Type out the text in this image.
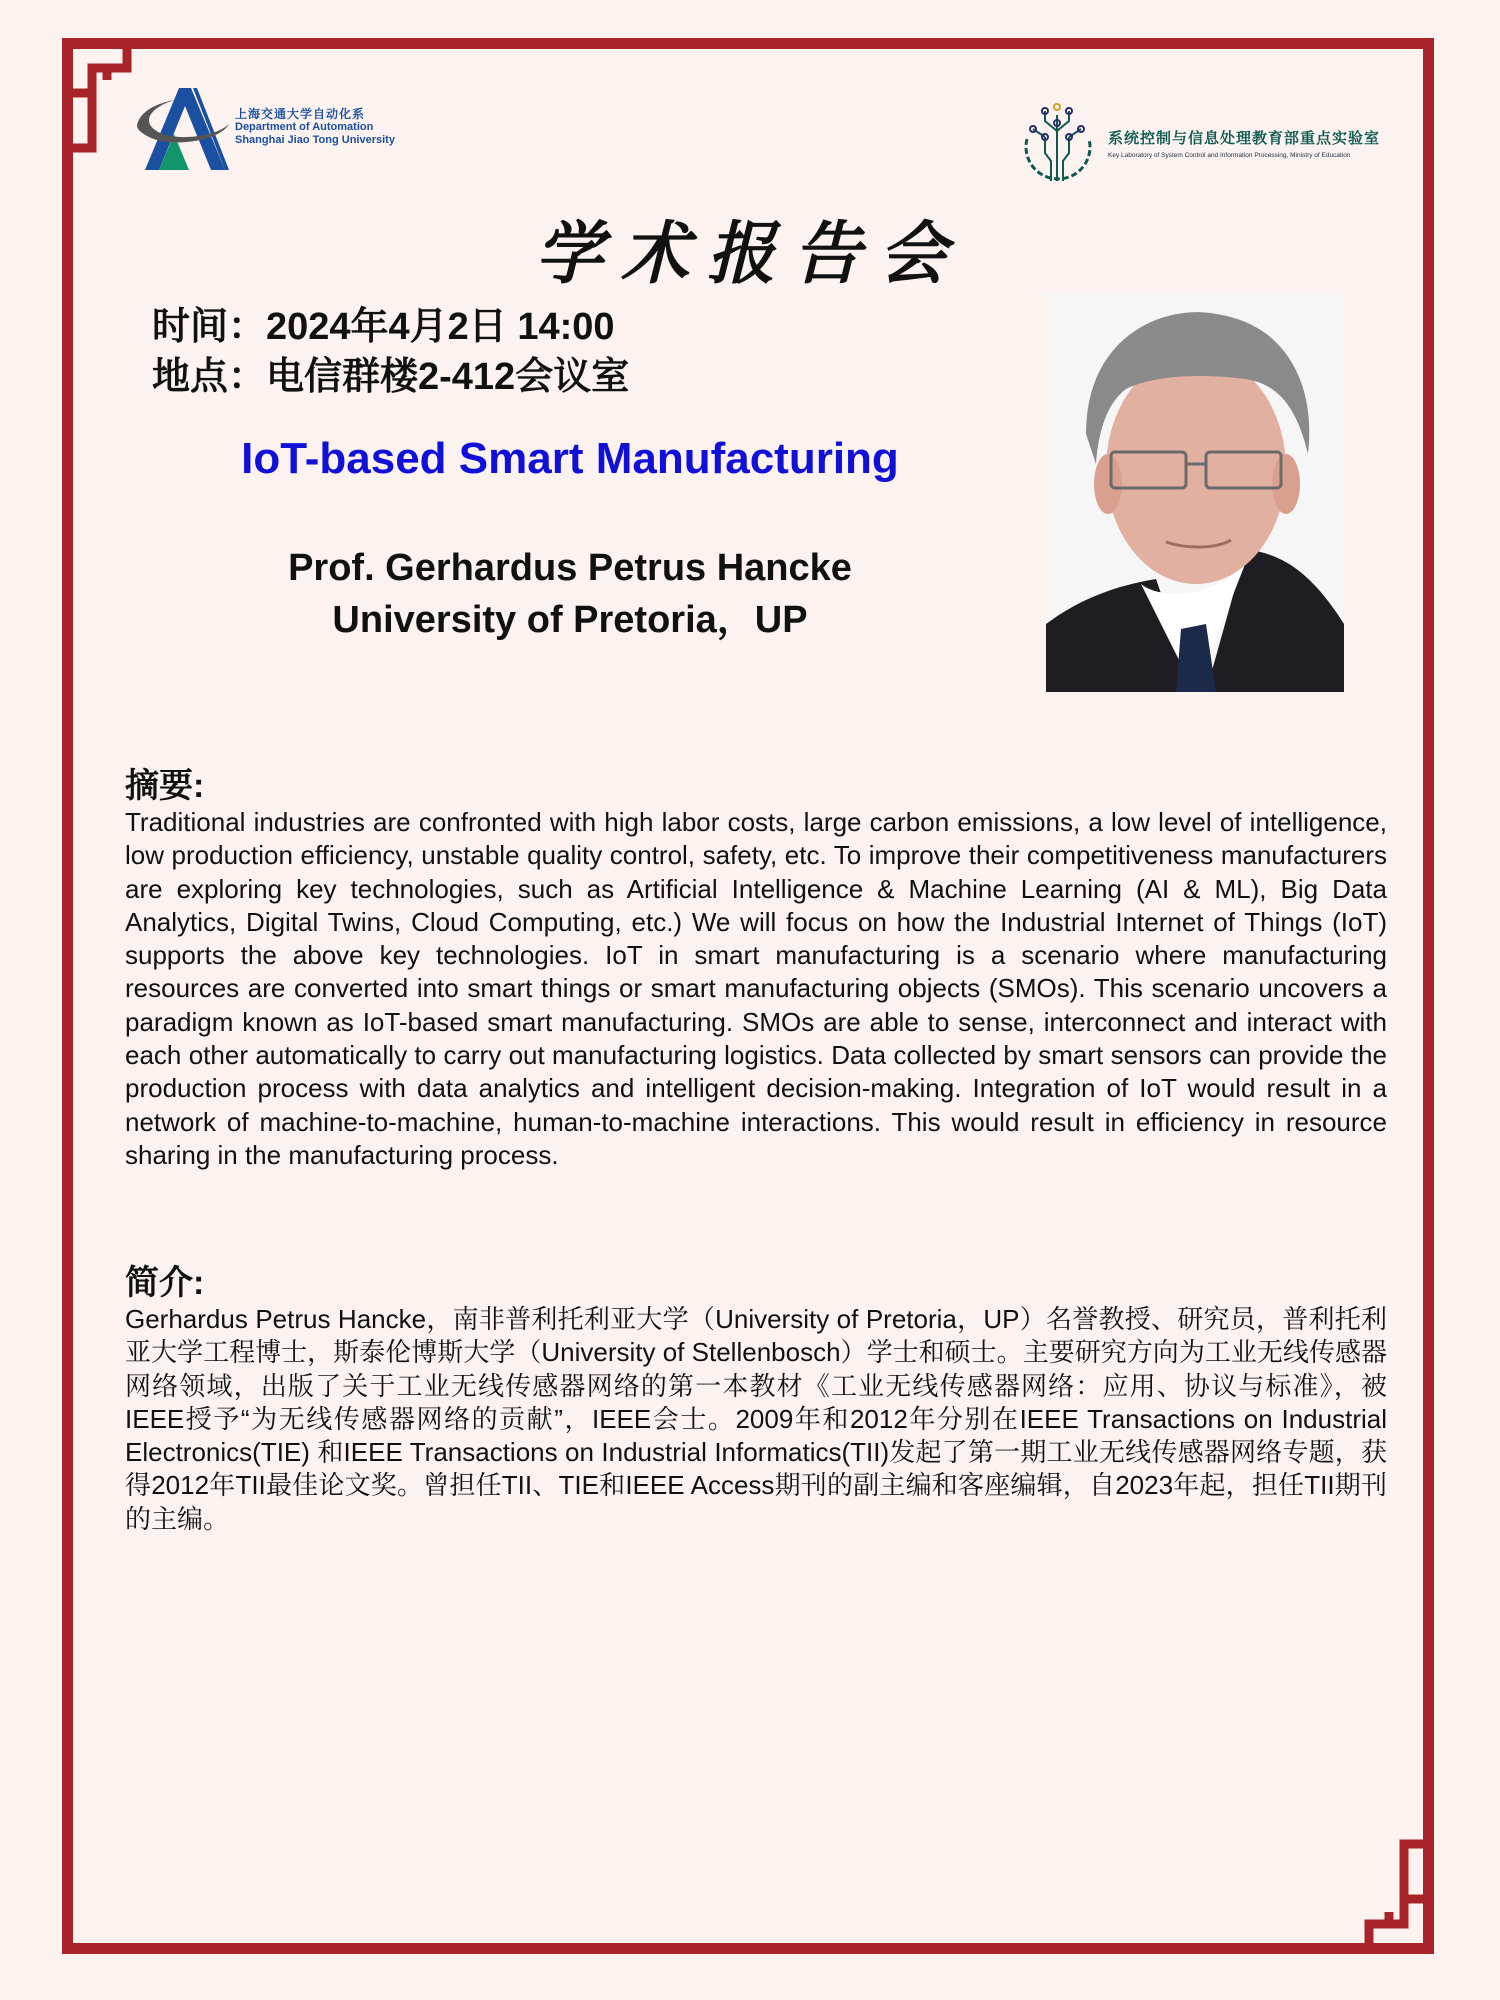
上海交通大学自动化系
Department of Automation
Shanghai Jiao Tong University	系统控制与信息处理教育部重点实验室
Key Laboratory of System Control and Information Processing, Ministry of Education
学术报告会
时间：2024年4月2日 14:00
地点：电信群楼2-412会议室
IoT-based Smart Manufacturing
Prof. Gerhardus Petrus Hancke
University of Pretoria，UP
摘要:

Traditional industries are confronted with high labor costs, large carbon emissions, a low level of intelligence, low production efficiency, unstable quality control, safety, etc. To improve their competitiveness manufacturers are exploring key technologies, such as Artificial Intelligence & Machine Learning (AI & ML), Big Data Analytics, Digital Twins, Cloud Computing, etc.) We will focus on how the Industrial Internet of Things (IoT) supports the above key technologies. IoT in smart manufacturing is a scenario where manufacturing resources are converted into smart things or smart manufacturing objects (SMOs). This scenario uncovers a paradigm known as IoT-based smart manufacturing. SMOs are able to sense, interconnect and interact with each other automatically to carry out manufacturing logistics. Data collected by smart sensors can provide the production process with data analytics and intelligent decision-making. Integration of IoT would result in a network of machine-to-machine, human-to-machine interactions. This would result in efficiency in resource sharing in the manufacturing process.

简介:

Gerhardus Petrus Hancke，南非普利托利亚大学（University of Pretoria，UP）名誉教授、研究员，普利托利亚大学工程博士，斯泰伦博斯大学（University of Stellenbosch）学士和硕士。主要研究方向为工业无线传感器网络领域，出版了关于工业无线传感器网络的第一本教材《工业无线传感器网络：应用、协议与标准》，被IEEE授予“为无线传感器网络的贡献”，IEEE会士。2009年和2012年分别在IEEE Transactions on Industrial Electronics(TIE) 和IEEE Transactions on Industrial Informatics(TII)发起了第一期工业无线传感器网络专题，获得2012年TII最佳论文奖。曾担任TII、TIE和IEEE Access期刊的副主编和客座编辑，自2023年起，担任TII期刊的主编。
